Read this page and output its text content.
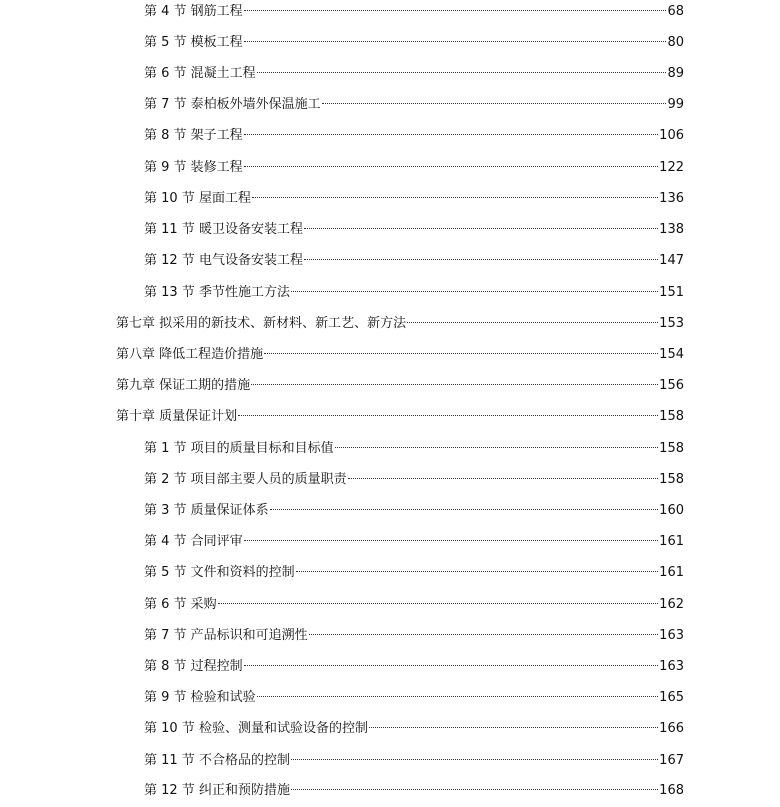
第 4 节 钢筋工程	68
第 5 节 模板工程	80
第 6 节 混凝土工程	89
第 7 节 泰柏板外墙外保温施工	99
第 8 节 架子工程	106
第 9 节 装修工程	122
第 10 节 屋面工程	136
第 11 节 暖卫设备安装工程	138
第 12 节 电气设备安装工程	147
第 13 节 季节性施工方法	151
第七章 拟采用的新技术、新材料、新工艺、新方法	153
第八章 降低工程造价措施	154
第九章 保证工期的措施	156
第十章 质量保证计划	158
第 1 节 项目的质量目标和目标值	158
第 2 节 项目部主要人员的质量职责	158
第 3 节 质量保证体系	160
第 4 节 合同评审	161
第 5 节 文件和资料的控制	161
第 6 节 采购	162
第 7 节 产品标识和可追溯性	163
第 8 节 过程控制	163
第 9 节 检验和试验	165
第 10 节 检验、测量和试验设备的控制	166
第 11 节 不合格品的控制	167
第 12 节 纠正和预防措施	168
